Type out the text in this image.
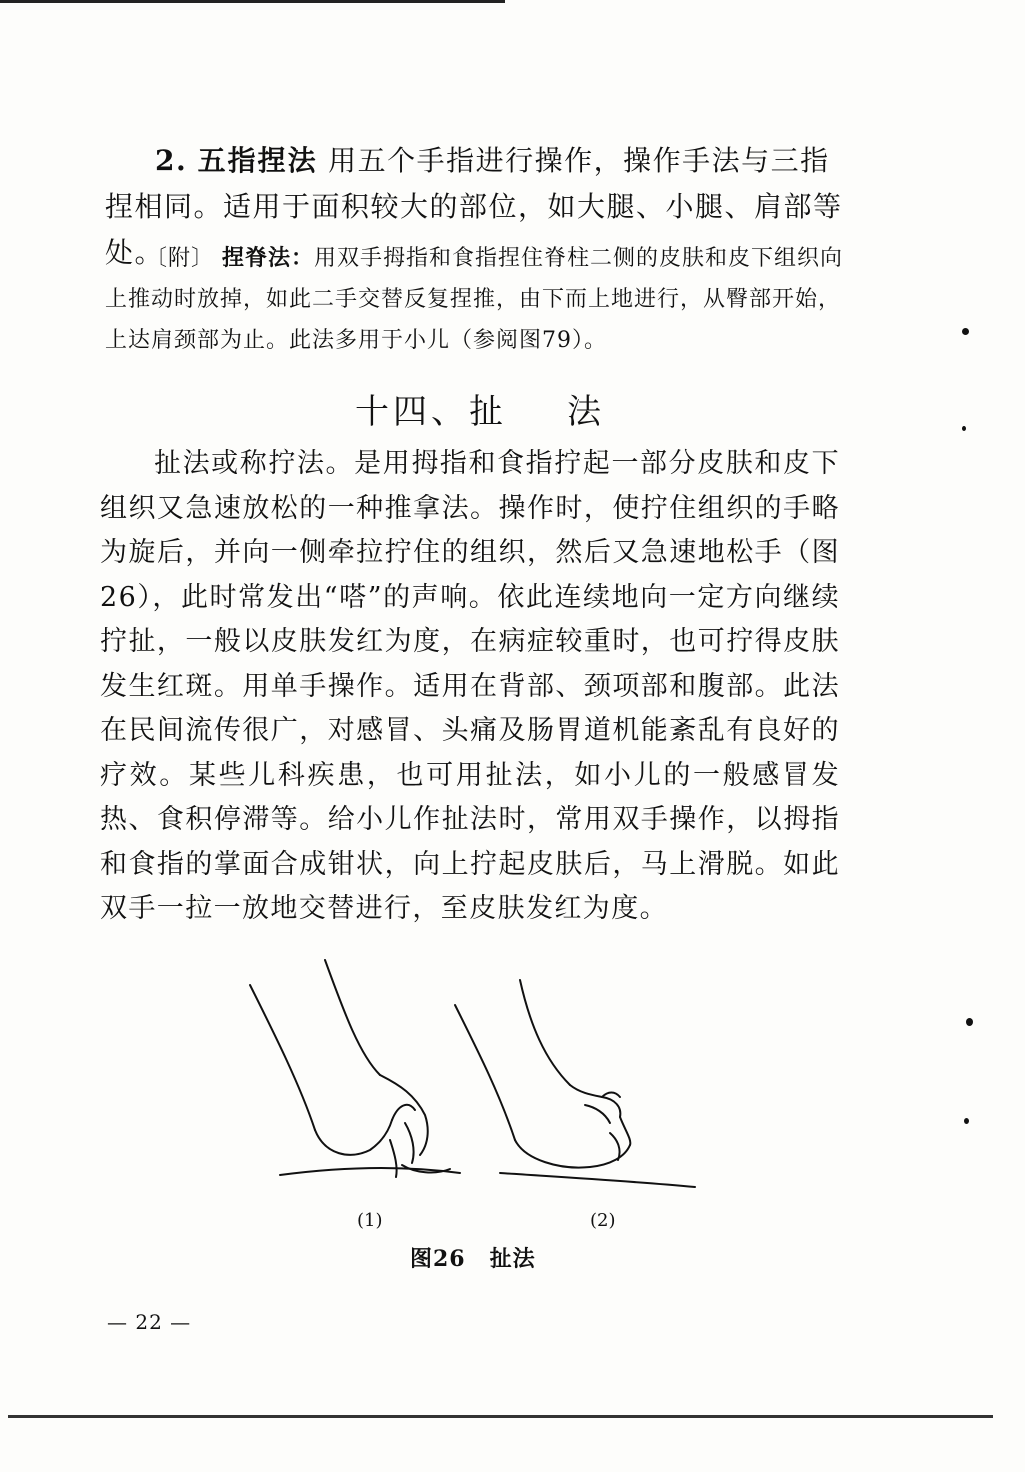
2. 五指捏法 用五个手指进行操作，操作手法与三指捏相同。适用于面积较大的部位，如大腿、小腿、肩部等处。
〔附〕 捏脊法：用双手拇指和食指捏住脊柱二侧的皮肤和皮下组织向上推动时放掉，如此二手交替反复捏推，由下而上地进行，从臀部开始，上达肩颈部为止。此法多用于小儿（参阅图79）。
十四、扯 法
扯法或称拧法。是用拇指和食指拧起一部分皮肤和皮下组织又急速放松的一种推拿法。操作时，使拧住组织的手略为旋后，并向一侧牵拉拧住的组织，然后又急速地松手（图26），此时常发出“嗒”的声响。依此连续地向一定方向继续拧扯，一般以皮肤发红为度，在病症较重时，也可拧得皮肤发生红斑。用单手操作。适用在背部、颈项部和腹部。此法在民间流传很广，对感冒、头痛及肠胃道机能紊乱有良好的疗效。某些儿科疾患，也可用扯法，如小儿的一般感冒发热、食积停滞等。给小儿作扯法时，常用双手操作，以拇指和食指的掌面合成钳状，向上拧起皮肤后，马上滑脱。如此双手一拉一放地交替进行，至皮肤发红为度。
(1)	(2)
图26 扯法
— 22 —
